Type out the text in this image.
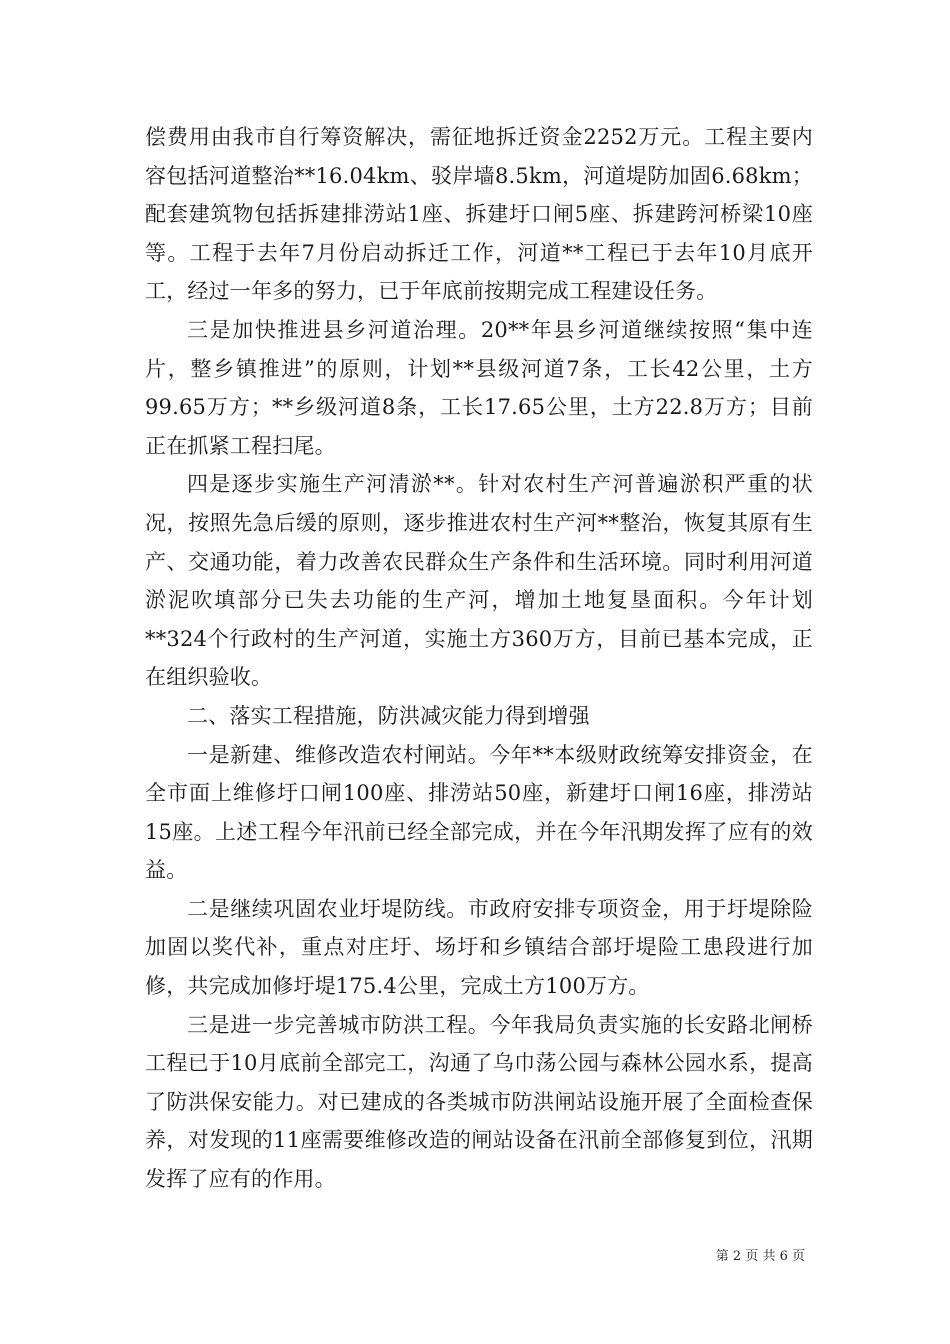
偿费用由我市自行筹资解决，需征地拆迁资金2252万元。工程主要内容包括河道整治**16.04km、驳岸墙8.5km，河道堤防加固6.68km；配套建筑物包括拆建排涝站1座、拆建圩口闸5座、拆建跨河桥梁10座等。工程于去年7月份启动拆迁工作，河道**工程已于去年10月底开工，经过一年多的努力，已于年底前按期完成工程建设任务。

三是加快推进县乡河道治理。20**年县乡河道继续按照“集中连片，整乡镇推进”的原则，计划**县级河道7条，工长42公里，土方99.65万方；**乡级河道8条，工长17.65公里，土方22.8万方；目前正在抓紧工程扫尾。

四是逐步实施生产河清淤**。针对农村生产河普遍淤积严重的状况，按照先急后缓的原则，逐步推进农村生产河**整治，恢复其原有生产、交通功能，着力改善农民群众生产条件和生活环境。同时利用河道淤泥吹填部分已失去功能的生产河，增加土地复垦面积。今年计划**324个行政村的生产河道，实施土方360万方，目前已基本完成，正在组织验收。

二、落实工程措施，防洪减灾能力得到增强

一是新建、维修改造农村闸站。今年**本级财政统筹安排资金，在全市面上维修圩口闸100座、排涝站50座，新建圩口闸16座，排涝站15座。上述工程今年汛前已经全部完成，并在今年汛期发挥了应有的效益。

二是继续巩固农业圩堤防线。市政府安排专项资金，用于圩堤除险加固以奖代补，重点对庄圩、场圩和乡镇结合部圩堤险工患段进行加修，共完成加修圩堤175.4公里，完成土方100万方。

三是进一步完善城市防洪工程。今年我局负责实施的长安路北闸桥工程已于10月底前全部完工，沟通了乌巾荡公园与森林公园水系，提高了防洪保安能力。对已建成的各类城市防洪闸站设施开展了全面检查保养，对发现的11座需要维修改造的闸站设备在汛前全部修复到位，汛期发挥了应有的作用。

第 2 页 共 6 页
